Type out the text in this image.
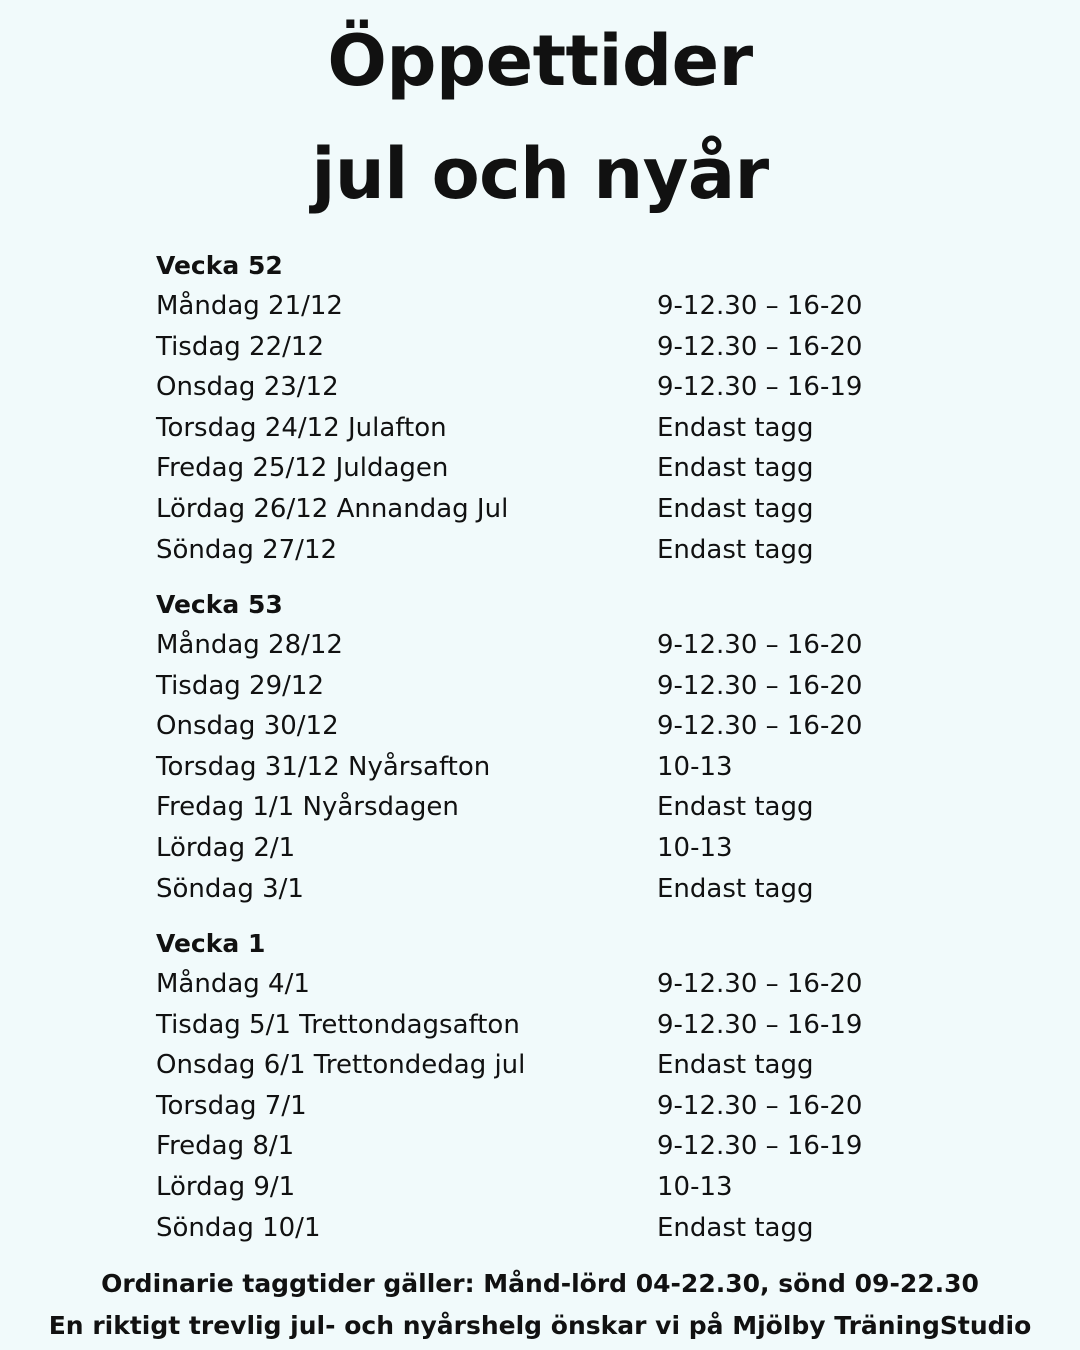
Öppettider
jul och nyår
Vecka 52
Måndag 21/12	9-12.30 – 16-20
Tisdag 22/12	9-12.30 – 16-20
Onsdag 23/12	9-12.30 – 16-19
Torsdag 24/12 Julafton	Endast tagg
Fredag 25/12 Juldagen	Endast tagg
Lördag 26/12 Annandag Jul	Endast tagg
Söndag 27/12	Endast tagg
Vecka 53
Måndag 28/12	9-12.30 – 16-20
Tisdag 29/12	9-12.30 – 16-20
Onsdag 30/12	9-12.30 – 16-20
Torsdag 31/12 Nyårsafton	10-13
Fredag 1/1 Nyårsdagen	Endast tagg
Lördag 2/1	10-13
Söndag 3/1	Endast tagg
Vecka 1
Måndag 4/1	9-12.30 – 16-20
Tisdag 5/1 Trettondagsafton	9-12.30 – 16-19
Onsdag 6/1 Trettondedag jul	Endast tagg
Torsdag 7/1	9-12.30 – 16-20
Fredag 8/1	9-12.30 – 16-19
Lördag 9/1	10-13
Söndag 10/1	Endast tagg

Ordinarie taggtider gäller: Månd-lörd 04-22.30, sönd 09-22.30

En riktigt trevlig jul- och nyårshelg önskar vi på Mjölby TräningStudio
